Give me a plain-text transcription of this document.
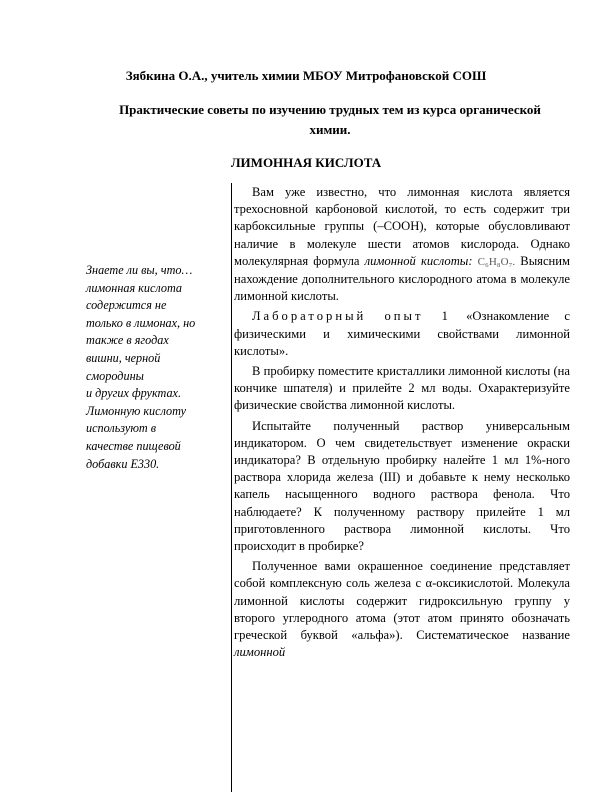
Зябкина О.А., учитель химии МБОУ Митрофановской СОШ
Практические советы по изучению трудных тем из курса органической химии.
ЛИМОННАЯ КИСЛОТА
Знаете ли вы, что…
лимонная кислота
содержится не
только в лимонах, но
также в ягодах
вишни, черной
смородины
и других фруктах.
Лимонную кислоту
используют в
качестве пищевой
добавки Е330.

Вам уже известно, что лимонная кислота является трехосновной карбоновой кислотой, то есть содержит три карбоксильные группы (–СООН), которые обусловливают наличие в молекуле шести атомов кислорода. Однако молекулярная формула лимонной кислоты: C₆H₈O₇. Выясним нахождение дополнительного кислородного атома в молекуле лимонной кислоты.

Лабораторный опыт 1 «Ознакомление с физическими и химическими свойствами лимонной кислоты».

В пробирку поместите кристаллики лимонной кислоты (на кончике шпателя) и прилейте 2 мл воды. Охарактеризуйте физические свойства лимонной кислоты.

Испытайте полученный раствор универсальным индикатором. О чем свидетельствует изменение окраски индикатора? В отдельную пробирку налейте 1 мл 1%-ного раствора хлорида железа (III) и добавьте к нему несколько капель насыщенного водного раствора фенола. Что наблюдаете? К полученному раствору прилейте 1 мл приготовленного раствора лимонной кислоты. Что происходит в пробирке?

Полученное вами окрашенное соединение представляет собой комплексную соль железа с α-оксикислотой. Молекула лимонной кислоты содержит гидроксильную группу у второго углеродного атома (этот атом принято обозначать греческой буквой «альфа»). Систематическое название лимонной
